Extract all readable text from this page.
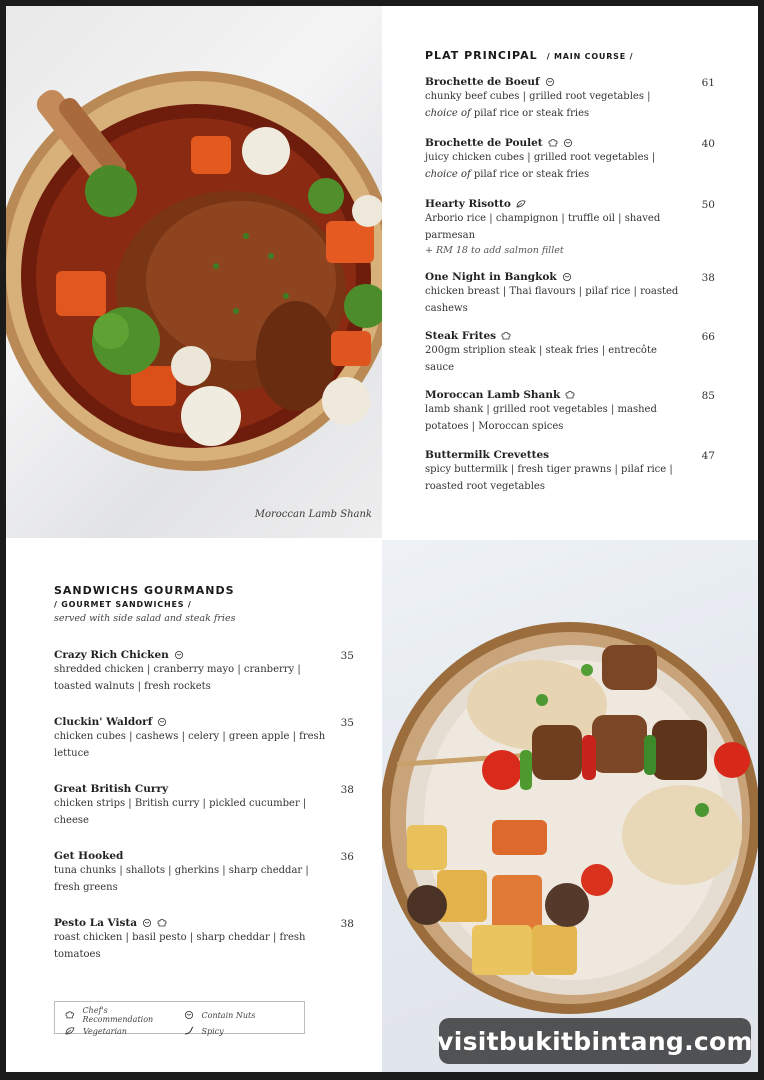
Moroccan Lamb Shank
PLAT PRINCIPAL / MAIN COURSE /
Brochette de Boeuf
chunky beef cubes | grilled root vegetables |
choice of pilaf rice or steak fries
61
Brochette de Poulet
juicy chicken cubes | grilled root vegetables |
choice of pilaf rice or steak fries
40
Hearty Risotto
Arborio rice | champignon | truffle oil | shaved parmesan
+ RM 18 to add salmon fillet
50
One Night in Bangkok
chicken breast | Thai flavours | pilaf rice | roasted cashews
38
Steak Frites
200gm striplion steak | steak fries | entrecôte sauce
66
Moroccan Lamb Shank
lamb shank | grilled root vegetables | mashed potatoes | Moroccan spices
85
Buttermilk Crevettes
spicy buttermilk | fresh tiger prawns | pilaf rice | roasted root vegetables
47
SANDWICHS GOURMANDS
/ GOURMET SANDWICHES /
served with side salad and steak fries
Crazy Rich Chicken
shredded chicken | cranberry mayo | cranberry | toasted walnuts | fresh rockets
35
Cluckin' Waldorf
chicken cubes | cashews | celery | green apple | fresh lettuce
35
Great British Curry
chicken strips | British curry | pickled cucumber | cheese
38
Get Hooked
tuna chunks | shallots | gherkins | sharp cheddar | fresh greens
36
Pesto La Vista
roast chicken | basil pesto | sharp cheddar | fresh tomatoes
38
Chef's Recommendation	Contain Nuts
Vegetarian	Spicy	visitbukitbintang.com
